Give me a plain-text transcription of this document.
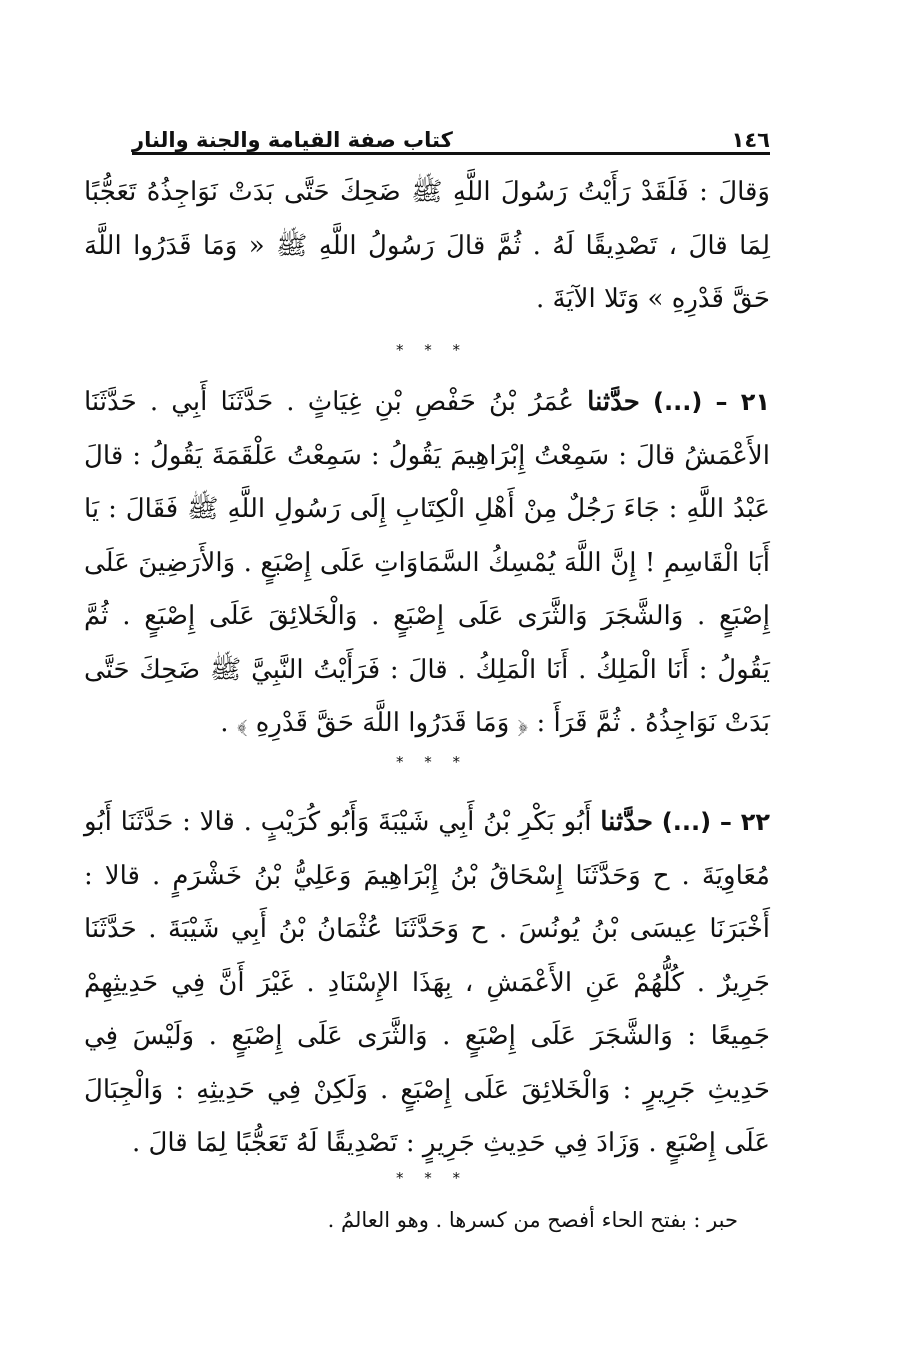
١٤٦
كتاب صفة القيامة والجنة والنار

وَقالَ : فَلَقَدْ رَأَيْتُ رَسُولَ اللَّهِ ﷺ ضَحِكَ حَتَّى بَدَتْ نَوَاجِذُهُ تَعَجُّبًا لِمَا قالَ ، تَصْدِيقًا لَهُ . ثُمَّ قالَ رَسُولُ اللَّهِ ﷺ « وَمَا قَدَرُوا اللَّهَ حَقَّ قَدْرِهِ » وَتَلا الآيَةَ .

* * *

٢١ – (...) حدَّثنا عُمَرُ بْنُ حَفْصِ بْنِ غِيَاثٍ . حَدَّثَنَا أَبِي . حَدَّثَنَا الأَعْمَشُ قالَ : سَمِعْتُ إِبْرَاهِيمَ يَقُولُ : سَمِعْتُ عَلْقَمَةَ يَقُولُ : قالَ عَبْدُ اللَّهِ : جَاءَ رَجُلٌ مِنْ أَهْلِ الْكِتَابِ إِلَى رَسُولِ اللَّهِ ﷺ فَقَالَ : يَا أَبَا الْقَاسِمِ ! إِنَّ اللَّهَ يُمْسِكُ السَّمَاوَاتِ عَلَى إِصْبَعٍ . وَالأَرَضِينَ عَلَى إِصْبَعٍ . وَالشَّجَرَ وَالثَّرَى عَلَى إِصْبَعٍ . وَالْخَلائِقَ عَلَى إِصْبَعٍ . ثُمَّ يَقُولُ : أَنَا الْمَلِكُ . أَنَا الْمَلِكُ . قالَ : فَرَأَيْتُ النَّبِيَّ ﷺ ضَحِكَ حَتَّى بَدَتْ نَوَاجِذُهُ . ثُمَّ قَرَأَ : ﴿ وَمَا قَدَرُوا اللَّهَ حَقَّ قَدْرِهِ ﴾ .

* * *

٢٢ – (...) حدَّثنا أَبُو بَكْرِ بْنُ أَبِي شَيْبَةَ وَأَبُو كُرَيْبٍ . قالا : حَدَّثَنَا أَبُو مُعَاوِيَةَ . ح وَحَدَّثَنَا إِسْحَاقُ بْنُ إِبْرَاهِيمَ وَعَلِيُّ بْنُ خَشْرَمٍ . قالا : أَخْبَرَنَا عِيسَى بْنُ يُونُسَ . ح وَحَدَّثَنَا عُثْمَانُ بْنُ أَبِي شَيْبَةَ . حَدَّثَنَا جَرِيرٌ . كُلُّهُمْ عَنِ الأَعْمَشِ ، بِهَذَا الإِسْنَادِ . غَيْرَ أَنَّ فِي حَدِيثِهِمْ جَمِيعًا : وَالشَّجَرَ عَلَى إِصْبَعٍ . وَالثَّرَى عَلَى إِصْبَعٍ . وَلَيْسَ فِي حَدِيثِ جَرِيرٍ : وَالْخَلائِقَ عَلَى إِصْبَعٍ . وَلَكِنْ فِي حَدِيثِهِ : وَالْجِبَالَ عَلَى إِصْبَعٍ . وَزَادَ فِي حَدِيثِ جَرِيرٍ : تَصْدِيقًا لَهُ تَعَجُّبًا لِمَا قالَ .

* * *
حبر : بفتح الحاء أفصح من كسرها . وهو العالمُ .
